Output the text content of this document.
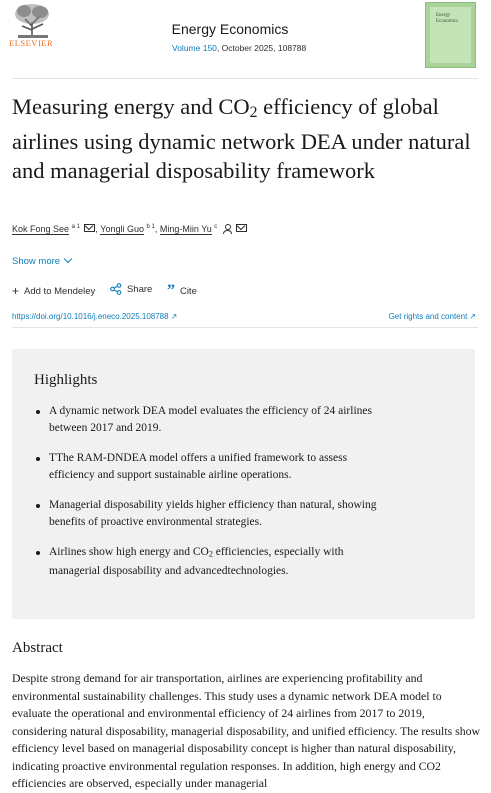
ELSEVIER
Energy Economics
Volume 150, October 2025, 108788
Energy Economics
Measuring energy and $CO_2$ efficiency of global airlines using dynamic network DEA under natural and managerial disposability framework
Kok Fong See $^{a 1}$ , Yongli Guo $^{b 1}$, Ming-Miin Yu $^c$
Show more
+ Add to Mendeley
	Share
” Cite
https://doi.org/10.1016/j.eneco.2025.108788 ↗	Get rights and content ↗
Highlights
A dynamic network DEA model evaluates the efficiency of 24 airlines between 2017 and 2019.
TThe RAM-DNDEA model offers a unified framework to assess efficiency and support sustainable airline operations.
Managerial disposability yields higher efficiency than natural, showing benefits of proactive environmental strategies.
Airlines show high energy and $CO_2$ efficiencies, especially with managerial disposability and advancedtechnologies.
Abstract

Despite strong demand for air transportation, airlines are experiencing profitability and environmental sustainability challenges. This study uses a dynamic network DEA model to evaluate the operational and environmental efficiency of 24 airlines from 2017 to 2019, considering natural disposability, managerial disposability, and unified efficiency. The results show efficiency level based on managerial disposability concept is higher than natural disposability, indicating proactive environmental regulation responses. In addition, high energy and CO2 efficiencies are observed, especially under managerial
